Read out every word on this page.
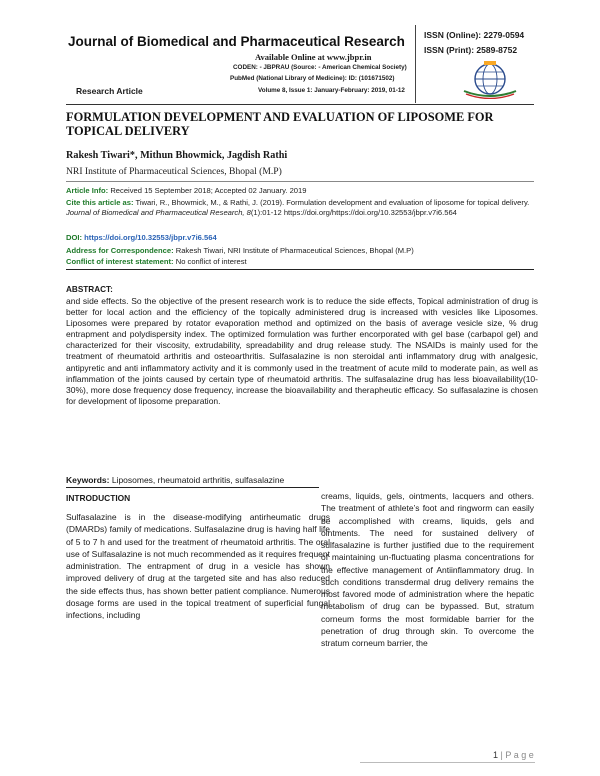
Journal of Biomedical and Pharmaceutical Research
Available Online at www.jbpr.in
CODEN: - JBPRAU (Source: - American Chemical Society)
PubMed (National Library of Medicine): ID: (101671502)
Volume 8, Issue 1: January-February: 2019, 01-12
Research Article
ISSN (Online): 2279-0594
ISSN (Print): 2589-8752
FORMULATION DEVELOPMENT AND EVALUATION OF LIPOSOME FOR TOPICAL DELIVERY
Rakesh Tiwari*, Mithun Bhowmick, Jagdish Rathi
NRI Institute of Pharmaceutical Sciences, Bhopal (M.P)
Article Info: Received 15 September 2018; Accepted 02 January. 2019
Cite this article as: Tiwari, R., Bhowmick, M., & Rathi, J. (2019). Formulation development and evaluation of liposome for topical delivery. Journal of Biomedical and Pharmaceutical Research, 8(1):01-12 https://doi.org/https://doi.org/10.32553/jbpr.v7i6.564
DOI: https://doi.org/10.32553/jbpr.v7i6.564
Address for Correspondence: Rakesh Tiwari, NRI Institute of Pharmaceutical Sciences, Bhopal (M.P)
Conflict of interest statement: No conflict of interest
ABSTRACT:
and side effects. So the objective of the present research work is to reduce the side effects, Topical administration of drug is better for local action and the efficiency of the topically administered drug is increased with vesicles like Liposomes. Liposomes were prepared by rotator evaporation method and optimized on the basis of average vesicle size, % drug entrapment and polydispersity index. The optimized formulation was further encorporated with gel base (carbapol gel) and characterized for their viscosity, extrudability, spreadability and drug release study. The NSAIDs is mainly used for the treatment of rheumatoid arthritis and osteoarthritis. Sulfasalazine is non steroidal anti inflammatory drug with analgesic, antipyretic and anti inflammatory activity and it is commonly used in the treatment of acute mild to moderate pain, as well as inflammation of the joints caused by certain type of rheumatoid arthritis. The sulfasalazine drug has less bioavailability(10-30%), more dose frequency dose frequency, increase the bioavailability and therapheutic efficacy. So sulfasalazine is chosen for development of liposome preparation.
Keywords: Liposomes, rheumatoid arthritis, sulfasalazine
INTRODUCTION
Sulfasalazine is in the disease-modifying antirheumatic drugs (DMARDs) family of medications. Sulfasalazine drug is having half life of 5 to 7 h and used for the treatment of rheumatoid arthritis. The oral use of Sulfasalazine is not much recommended as it requires frequent administration. The entrapment of drug in a vesicle has shown improved delivery of drug at the targeted site and has also reduced the side effects thus, has shown better patient compliance. Numerous dosage forms are used in the topical treatment of superficial fungal infections, including
creams, liquids, gels, ointments, lacquers and others. The treatment of athlete’s foot and ringworm can easily be accomplished with creams, liquids, gels and ointments. The need for sustained delivery of sulfasalazine is further justified due to the requirement of maintaining un-fluctuating plasma concentrations for the effective management of Antiinflammatory drug. In such conditions transdermal drug delivery remains the most favored mode of administration where the hepatic metabolism of drug can be bypassed. But, stratum corneum forms the most formidable barrier for the penetration of drug through skin. To overcome the stratum corneum barrier, the
1 | P a g e
